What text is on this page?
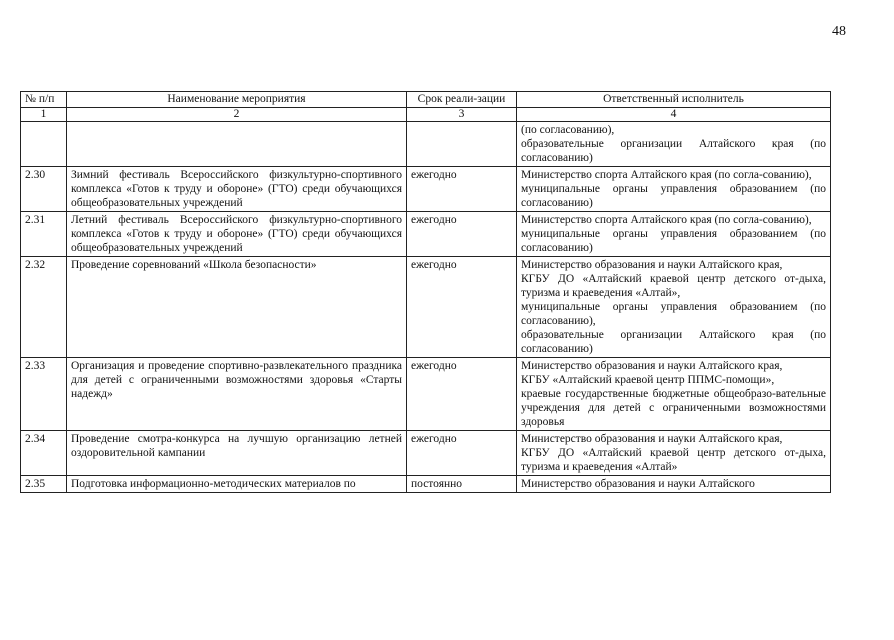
48
№ п/п	Наименование мероприятия	Срок реали-зации	Ответственный исполнитель
1	2	3	4

			(по согласованию),
образовательные организации Алтайского края (по согласованию)

2.30	Зимний фестиваль Всероссийского физкультурно-спортивного комплекса «Готов к труду и обороне» (ГТО) среди обучающихся общеобразовательных учреждений	ежегодно	Министерство спорта Алтайского края (по согла-сованию),
муниципальные органы управления образованием (по согласованию)

2.31	Летний фестиваль Всероссийского физкультурно-спортивного комплекса «Готов к труду и обороне» (ГТО) среди обучающихся общеобразовательных учреждений	ежегодно	Министерство спорта Алтайского края (по согла-сованию),
муниципальные органы управления образованием (по согласованию)

2.32	Проведение соревнований «Школа безопасности»	ежегодно	Министерство образования и науки Алтайского края,
КГБУ ДО «Алтайский краевой центр детского от-дыха, туризма и краеведения «Алтай»,
муниципальные органы управления образованием (по согласованию),
образовательные организации Алтайского края (по согласованию)

2.33	Организация и проведение спортивно-развлекательного праздника для детей с ограниченными возможностями здоровья «Старты надежд»	ежегодно	Министерство образования и науки Алтайского края,
КГБУ «Алтайский краевой центр ППМС-помощи»,
краевые государственные бюджетные общеобразо-вательные учреждения для детей с ограниченными возможностями здоровья

2.34	Проведение смотра-конкурса на лучшую организацию летней оздоровительной кампании	ежегодно	Министерство образования и науки Алтайского края,
КГБУ ДО «Алтайский краевой центр детского от-дыха, туризма и краеведения «Алтай»

2.35	Подготовка информационно-методических материалов по	постоянно	Министерство образования и науки Алтайского
